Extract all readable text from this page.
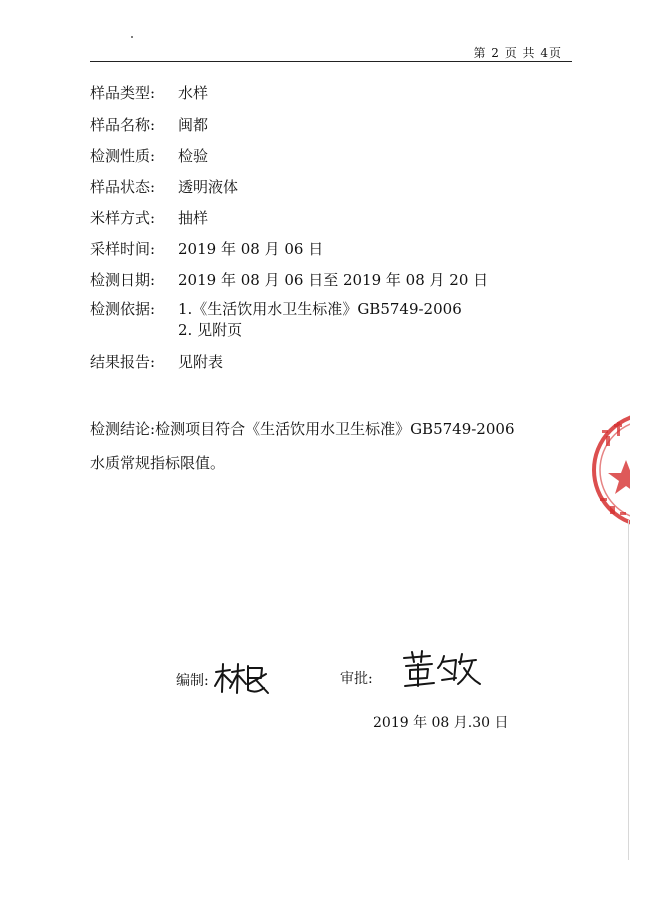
第 2 页 共 4页
样品类型: 水样
样品名称: 闽都
检测性质: 检验
样品状态: 透明液体
米样方式: 抽样
采样时间: 2019 年 08 月 06 日
检测日期: 2019 年 08 月 06 日至 2019 年 08 月 20 日
检测依据: 1.《生活饮用水卫生标准》GB5749-2006
2. 见附页
结果报告: 见附表
检测结论:检测项目符合《生活饮用水卫生标准》GB5749-2006
水质常规指标限值。
编制:	审批:
2019 年 08 月.30 日
